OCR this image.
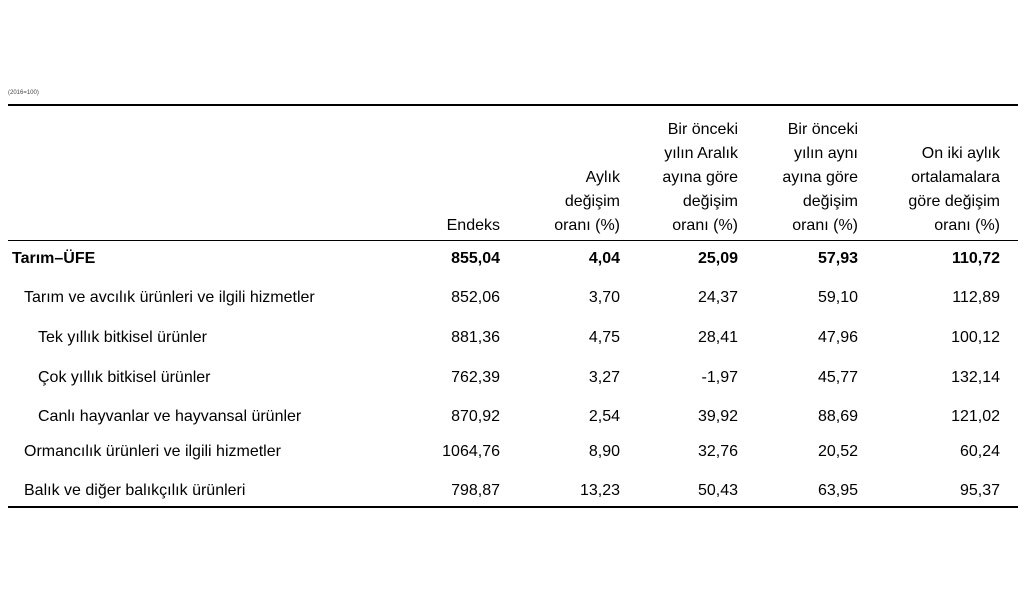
(2016=100)
Endeks
Aylık
değişim
oranı (%)
Bir önceki
yılın Aralık
ayına göre
değişim
oranı (%)
Bir önceki
yılın aynı
ayına göre
değişim
oranı (%)
On iki aylık
ortalamalara
göre değişim
oranı (%)
Tarım–ÜFE	855,04	4,04	25,09	57,93	110,72
Tarım ve avcılık ürünleri ve ilgili hizmetler	852,06	3,70	24,37	59,10	112,89
Tek yıllık bitkisel ürünler	881,36	4,75	28,41	47,96	100,12
Çok yıllık bitkisel ürünler	762,39	3,27	-1,97	45,77	132,14
Canlı hayvanlar ve hayvansal ürünler	870,92	2,54	39,92	88,69	121,02
Ormancılık ürünleri ve ilgili hizmetler	1064,76	8,90	32,76	20,52	60,24
Balık ve diğer balıkçılık ürünleri	798,87	13,23	50,43	63,95	95,37
